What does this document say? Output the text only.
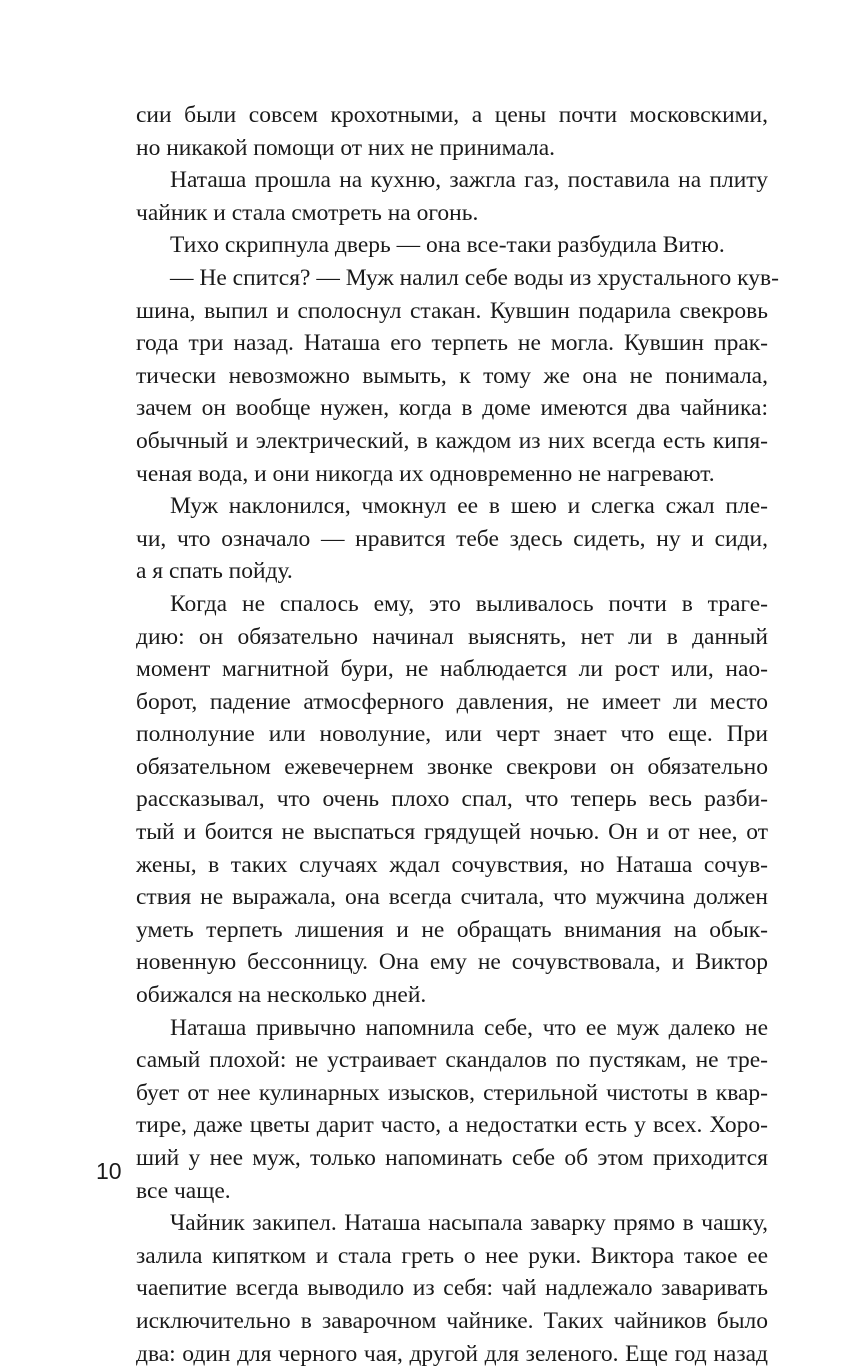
сии были совсем крохотными, а цены почти московскими,
но никакой помощи от них не принимала.
Наташа прошла на кухню, зажгла газ, поставила на плиту
чайник и стала смотреть на огонь.
Тихо скрипнула дверь — она все-таки разбудила Витю.
— Не спится? — Муж налил себе воды из хрустального кув-
шина, выпил и сполоснул стакан. Кувшин подарила свекровь
года три назад. Наташа его терпеть не могла. Кувшин прак-
тически невозможно вымыть, к тому же она не понимала,
зачем он вообще нужен, когда в доме имеются два чайника:
обычный и электрический, в каждом из них всегда есть кипя-
ченая вода, и они никогда их одновременно не нагревают.
Муж наклонился, чмокнул ее в шею и слегка сжал пле-
чи, что означало — нравится тебе здесь сидеть, ну и сиди,
а я спать пойду.
Когда не спалось ему, это выливалось почти в траге-
дию: он обязательно начинал выяснять, нет ли в данный
момент магнитной бури, не наблюдается ли рост или, нао-
борот, падение атмосферного давления, не имеет ли место
полнолуние или новолуние, или черт знает что еще. При
обязательном ежевечернем звонке свекрови он обязательно
рассказывал, что очень плохо спал, что теперь весь разби-
тый и боится не выспаться грядущей ночью. Он и от нее, от
жены, в таких случаях ждал сочувствия, но Наташа сочув-
ствия не выражала, она всегда считала, что мужчина должен
уметь терпеть лишения и не обращать внимания на обык-
новенную бессонницу. Она ему не сочувствовала, и Виктор
обижался на несколько дней.
Наташа привычно напомнила себе, что ее муж далеко не
самый плохой: не устраивает скандалов по пустякам, не тре-
бует от нее кулинарных изысков, стерильной чистоты в квар-
тире, даже цветы дарит часто, а недостатки есть у всех. Хоро-
ший у нее муж, только напоминать себе об этом приходится
все чаще.
Чайник закипел. Наташа насыпала заварку прямо в чашку,
залила кипятком и стала греть о нее руки. Виктора такое ее
чаепитие всегда выводило из себя: чай надлежало заваривать
исключительно в заварочном чайнике. Таких чайников было
два: один для черного чая, другой для зеленого. Еще год назад
10
